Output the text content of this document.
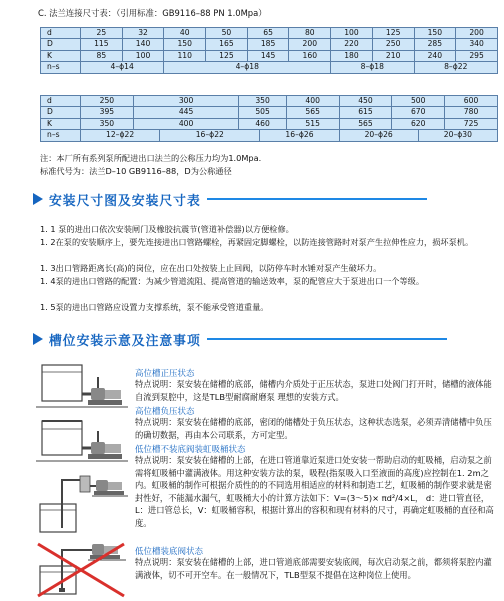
C. 法兰连接尺寸表：（引用标准：GB9116–88 PN 1.0Mpa）
d	25	32	40	50	65	80	100	125	150	200
D	115	140	150	165	185	200	220	250	285	340
K	85	100	110	125	145	160	180	210	240	295
n–s	4–ϕ14		4–ϕ18				8–ϕ18		8–ϕ22	
d	250	300		350		400	450	500		600
D	395	445		505		565	615	670		780
K	350	400		460		515	565	620		725
n–s	12–ϕ22		16–ϕ22		16–ϕ26		20–ϕ26		20–ϕ30	
注：本厂所有系列泵所配进出口法兰的公称压力均为1.0Mpa.
标准代号为：法兰D–10 GB9116–88，D为公称通径
安装尺寸图及安装尺寸表
1. 1 泵的进出口依次安装闸门及橡胶抗震节(管道补偿器)以方便检修。
1. 2在泵的安装顺序上，要先连接进出口管路螺栓，再紧固定脚螺栓，以防连接管路时对泵产生拉伸性应力，损坏泵机。
1. 3出口管路距离长(高)的岗位，应在出口处按装上止回阀，以防停车时水锤对泵产生破坏力。
1. 4泵的进出口管路的配置：为减少管道流阻、提高管道的输送效率，泵的配管应大于泵进出口一个等级。
1. 5泵的进出口管路应设置力支撑系统，泵不能承受管道重量。
槽位安装示意及注意事项
高位槽正压状态
特点说明：泵安装在储槽的底部，储槽内介质处于正压状态，泵进口处阀门打开时，储槽的液体能自流到泵腔中，这是TLB型耐腐耐磨泵 理想的安装方式。
高位槽负压状态
特点说明：泵安装在储槽的底部，密闭的储槽处于负压状态，这种状态选泵，必须弄清储槽中负压的确切数据，再由本公司联系，方可定型。
低位槽不装底阀装虹吸桶状态
特点说明：泵安装在储槽的上部，在进口管道靠近泵进口处安装一帮助启动的虹吸桶，启动泵之前需将虹吸桶中灌满液体。用这种安装方法的泵，吸程(指泵吸入口至液面的高度)应控制在1. 2m之内。虹吸桶的制作可根据介质性的的不同选用相适应的材料和制造工艺，虹吸桶的制作要求就是密封性好，不能漏水漏气，虹吸桶大小的计算方法如下：V=(3～5)× πd²/4×L， d：进口管直径，L：进口管总长，V：虹吸桶容积，根据计算出的容积和现有材料的尺寸，再确定虹吸桶的直径和高度。
低位槽装底阀状态
特点说明：泵安装在储槽的上部，进口管道底部需要安装底阀，每次启动泵之前，都须将泵腔内灌满液体，切不可开空车。在一般情况下，TLB型泵不提倡在这种岗位上使用。
